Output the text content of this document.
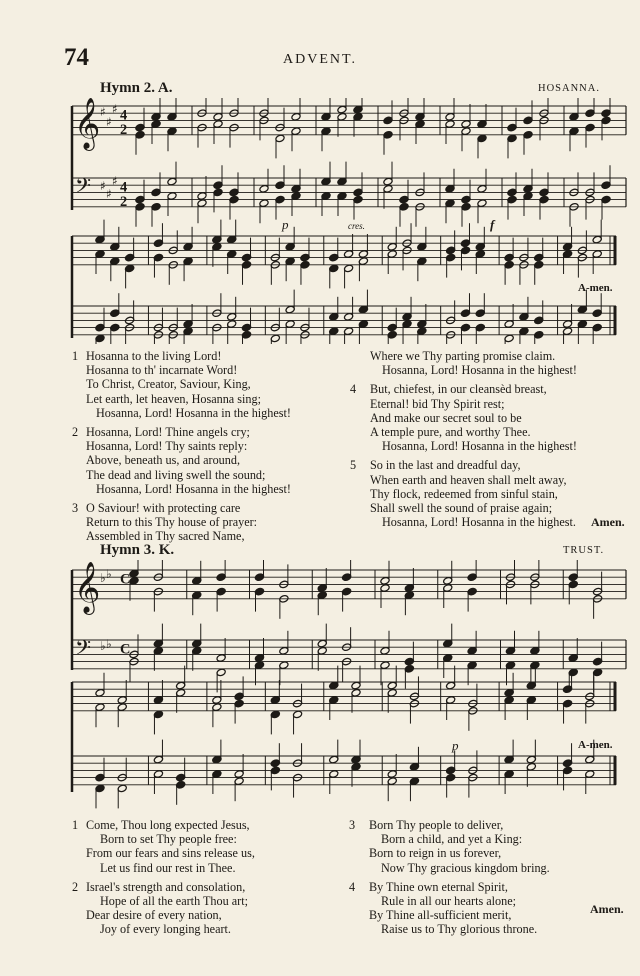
74	ADVENT.
Hymn 2. A.	HOSANNA.
𝄞
𝄢
♯
♯
♯
♯
♯
♯
4
2
4
2
p	cres.	f
A-men.
1 Hosanna to the living Lord!
Hosanna to th' incarnate Word!
To Christ, Creator, Saviour, King,
Let earth, let heaven, Hosanna sing;
Hosanna, Lord! Hosanna in the highest!
2 Hosanna, Lord! Thine angels cry;
Hosanna, Lord! Thy saints reply:
Above, beneath us, and around,
The dead and living swell the sound;
Hosanna, Lord! Hosanna in the highest!
3 O Saviour! with protecting care
Return to this Thy house of prayer:
Assembled in Thy sacred Name,
Where we Thy parting promise claim.
Hosanna, Lord! Hosanna in the highest!
4	But, chiefest, in our cleansèd breast,
Eternal! bid Thy Spirit rest;
And make our secret soul to be
A temple pure, and worthy Thee.
Hosanna, Lord! Hosanna in the highest!
5	So in the last and dreadful day,
When earth and heaven shall melt away,
Thy flock, redeemed from sinful stain,
Shall swell the sound of praise again;
Hosanna, Lord! Hosanna in the highest.	Amen.
Hymn 3. K.	TRUST.
𝄞
𝄢
♭
♭
♭
♭
C
C
p	A-men.
1 Come, Thou long expected Jesus,
Born to set Thy people free:
From our fears and sins release us,
Let us find our rest in Thee.
2 Israel's strength and consolation,
Hope of all the earth Thou art;
Dear desire of every nation,
Joy of every longing heart.
3	Born Thy people to deliver,
Born a child, and yet a King:
Born to reign in us forever,
Now Thy gracious kingdom bring.
4	By Thine own eternal Spirit,
Rule in all our hearts alone;
By Thine all-sufficient merit,
Raise us to Thy glorious throne.
Amen.
